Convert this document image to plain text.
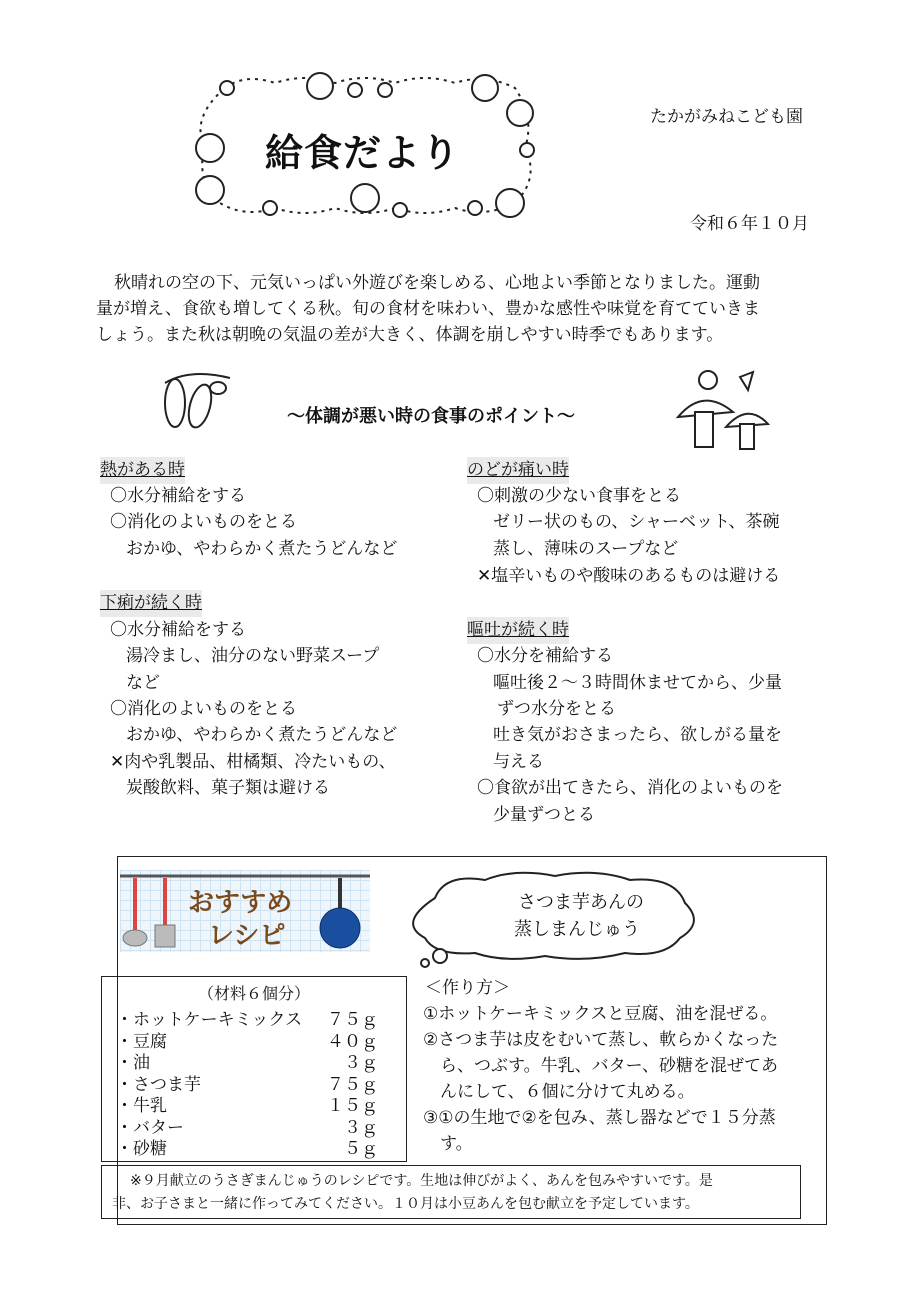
給食だより
たかがみねこども園
令和６年１０月
秋晴れの空の下、元気いっぱい外遊びを楽しめる、心地よい季節となりました。運動
量が増え、食欲も増してくる秋。旬の食材を味わい、豊かな感性や味覚を育てていきま
しょう。また秋は朝晩の気温の差が大きく、体調を崩しやすい時季でもあります。
～体調が悪い時の食事のポイント～
熱がある時
〇水分補給をする
〇消化のよいものをとる
おかゆ、やわらかく煮たうどんなど
下痢が続く時
〇水分補給をする
湯冷まし、油分のない野菜スープ
など
〇消化のよいものをとる
おかゆ、やわらかく煮たうどんなど
✕肉や乳製品、柑橘類、冷たいもの、
炭酸飲料、菓子類は避ける
のどが痛い時
〇刺激の少ない食事をとる
ゼリー状のもの、シャーベット、茶碗
蒸し、薄味のスープなど
✕塩辛いものや酸味のあるものは避ける
嘔吐が続く時
〇水分を補給する
嘔吐後２～３時間休ませてから、少量
ずつ水分をとる
吐き気がおさまったら、欲しがる量を
与える
〇食欲が出てきたら、消化のよいものを
少量ずつとる
おすすめ
レシピ
さつま芋あんの
蒸しまんじゅう
（材料６個分）
・ホットケーキミックス ７５ｇ
・豆腐	４０ｇ
・油	３ｇ
・さつま芋	７５ｇ
・牛乳	１５ｇ
・バター	３ｇ
・砂糖	５ｇ
＜作り方＞
①ホットケーキミックスと豆腐、油を混ぜる。
②さつま芋は皮をむいて蒸し、軟らかくなった
ら、つぶす。牛乳、バター、砂糖を混ぜてあ
んにして、６個に分けて丸める。
③①の生地で②を包み、蒸し器などで１５分蒸
す。
※９月献立のうさぎまんじゅうのレシピです。生地は伸びがよく、あんを包みやすいです。是
非、お子さまと一緒に作ってみてください。１０月は小豆あんを包む献立を予定しています。
